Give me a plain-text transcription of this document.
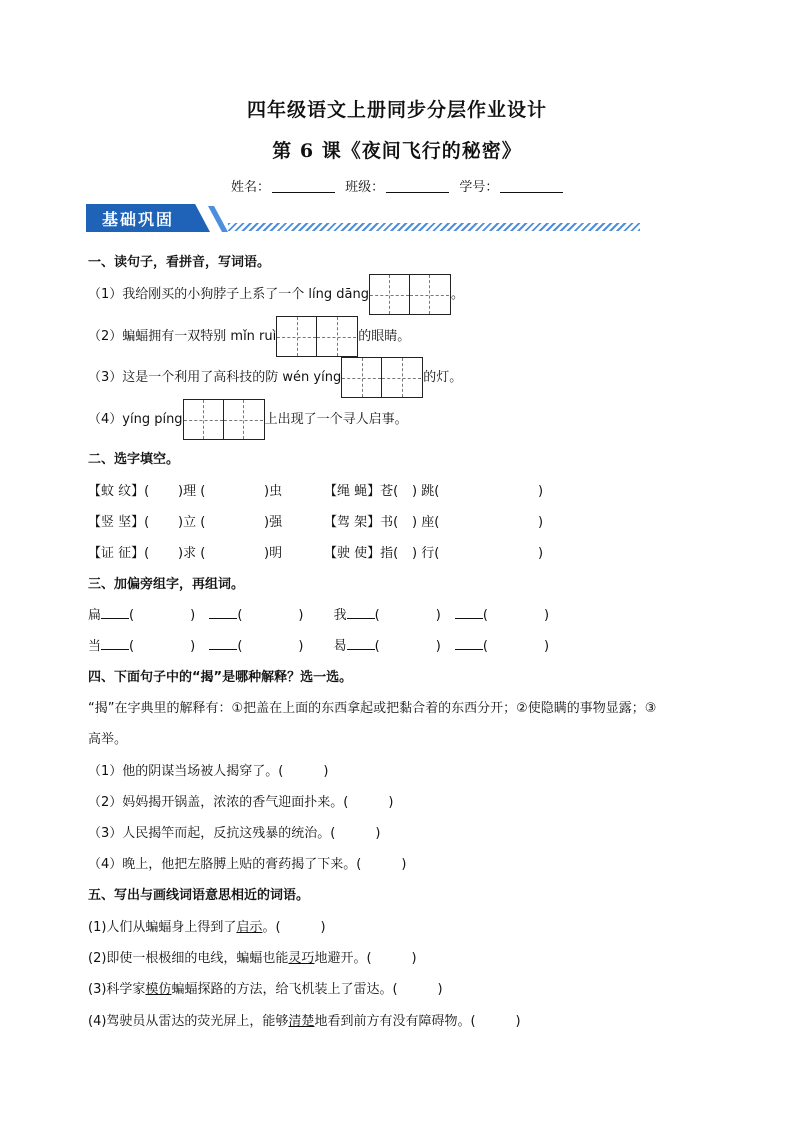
四年级语文上册同步分层作业设计
第 6 课《夜间飞行的秘密》
姓名：	班级：	学号：
基础巩固
一、读句子，看拼音，写词语。
（1）我给刚买的小狗脖子上系了一个 líng dāng	。
（2）蝙蝠拥有一双特别 mǐn ruì	的眼睛。
（3）这是一个利用了高科技的防 wén yíng	的灯。
（4）yíng píng	上出现了一个寻人启事。
二、选字填空。
【蚊 纹】( )理 (	)虫	【绳 蝇】苍( ) 跳(	)
【竖 坚】( )立 (	)强	【驾 架】书( ) 座(	)
【证 征】( )求 (	)明	【驶 使】指( ) 行(	)
三、加偏旁组字，再组词。
扁 (	)	(	) 我 (	)	(	)
当 (	)	(	) 曷 (	)	(	)
四、下面句子中的“揭”是哪种解释？选一选。
“揭”在字典里的解释有：①把盖在上面的东西拿起或把黏合着的东西分开；②使隐瞒的事物显露；③
高举。
（1）他的阴谋当场被人揭穿了。(	)
（2）妈妈揭开锅盖，浓浓的香气迎面扑来。(	)
（3）人民揭竿而起，反抗这残暴的统治。(	)
（4）晚上，他把左胳膊上贴的膏药揭了下来。(	)
五、写出与画线词语意思相近的词语。
(1)人们从蝙蝠身上得到了启示。(	)
(2)即使一根极细的电线，蝙蝠也能灵巧地避开。(	)
(3)科学家模仿蝙蝠探路的方法，给飞机装上了雷达。(	)
(4)驾驶员从雷达的荧光屏上，能够清楚地看到前方有没有障碍物。(	)
